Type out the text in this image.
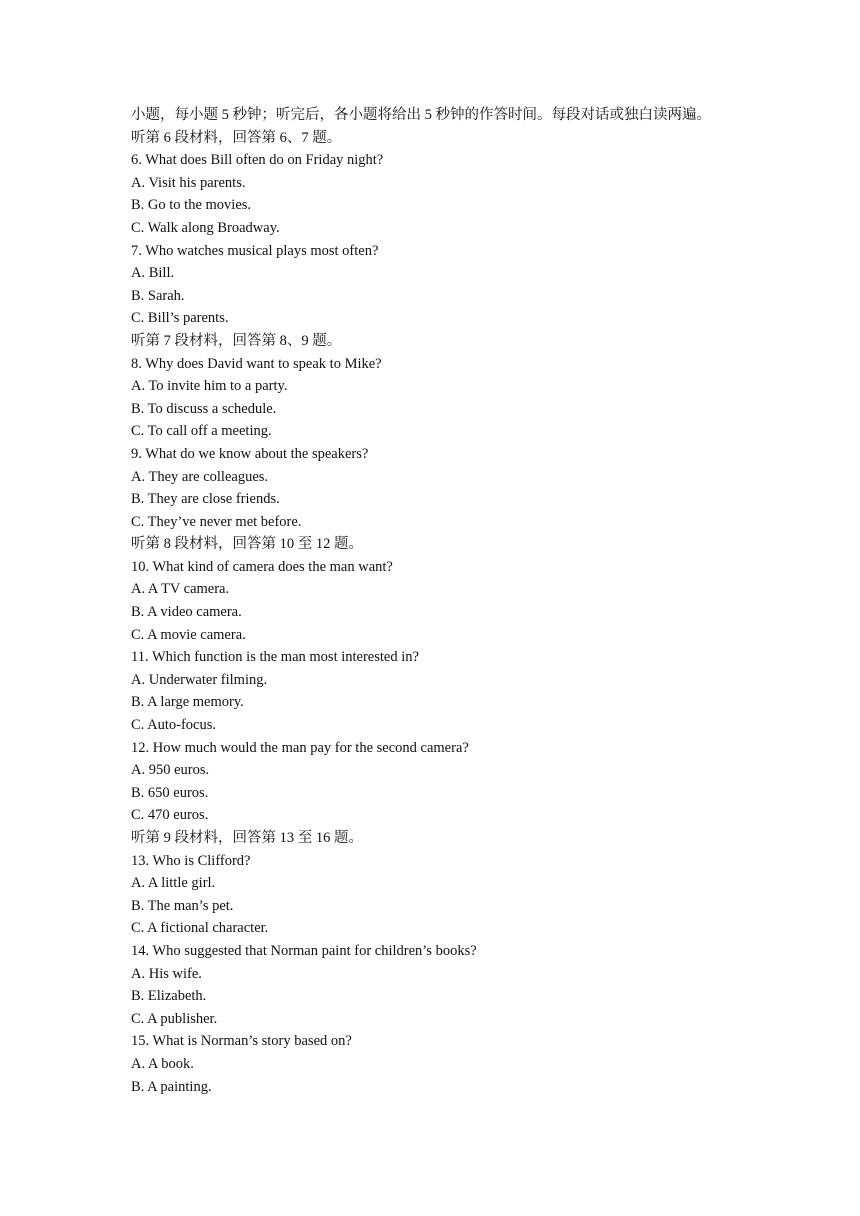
小题，每小题 5 秒钟；听完后，各小题将给出 5 秒钟的作答时间。每段对话或独白读两遍。

听第 6 段材料，回答第 6、7 题。

6. What does Bill often do on Friday night?

A. Visit his parents.

B. Go to the movies.

C. Walk along Broadway.

7. Who watches musical plays most often?

A. Bill.

B. Sarah.

C. Bill’s parents.

听第 7 段材料，回答第 8、9 题。

8. Why does David want to speak to Mike?

A. To invite him to a party.

B. To discuss a schedule.

C. To call off a meeting.

9. What do we know about the speakers?

A. They are colleagues.

B. They are close friends.

C. They’ve never met before.

听第 8 段材料，回答第 10 至 12 题。

10. What kind of camera does the man want?

A. A TV camera.

B. A video camera.

C. A movie camera.

11. Which function is the man most interested in?

A. Underwater filming.

B. A large memory.

C. Auto-focus.

12. How much would the man pay for the second camera?

A. 950 euros.

B. 650 euros.

C. 470 euros.

听第 9 段材料，回答第 13 至 16 题。

13. Who is Clifford?

A. A little girl.

B. The man’s pet.

C. A fictional character.

14. Who suggested that Norman paint for children’s books?

A. His wife.

B. Elizabeth.

C. A publisher.

15. What is Norman’s story based on?

A. A book.

B. A painting.
